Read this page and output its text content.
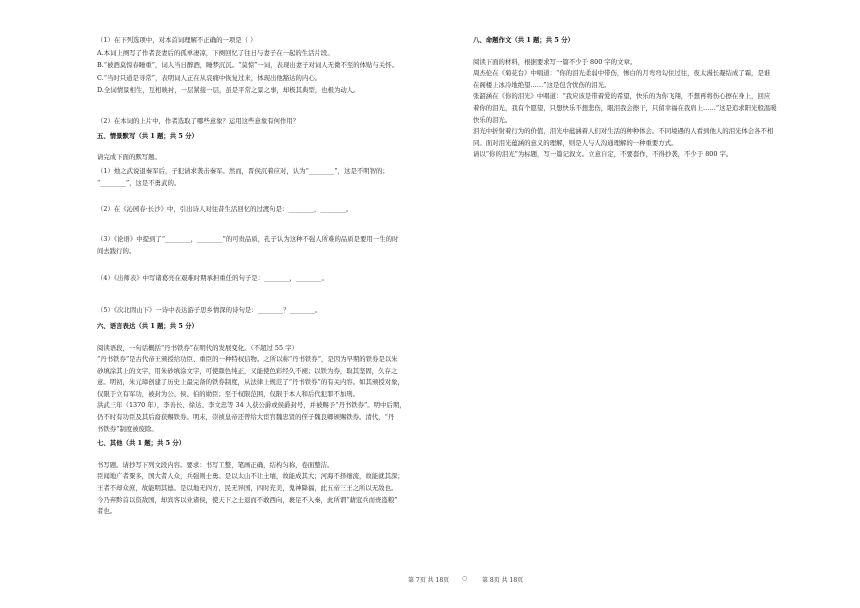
（1）在下列选项中，对本首词理解不正确的一项是（ ）

A.本词上阕写了作者丧妻后的孤单凄凉，下阕回忆了往日与妻子在一起的生活片段。

B.“被酒莫惊春睡重”，词人当日醉酒，睡梦沉沉。“莫惊”一词，表现出妻子对词人无微不至的体贴与关怀。

C.“当时只道是寻常”，表明词人正在从哀痛中恢复过来，体现出他豁达的内心。

D.全词情景相生，互相映衬，一层紧接一层，虽是平常之景之事，却极其典型，也极为动人。

（2）在本词的上片中，作者选取了哪些意象？运用这些意象有何作用？

五、情景默写（共 1 题；共 5 分）

请完成下面的默写题。

（1）烛之武说退秦军后，子犯请求袭击秦军。然而，晋侯沉着应对，认为“________”，这是不明智的；

“________”，这是不勇武的。

（2）在《沁园春·长沙》中，引出诗人对往昔生活回忆的过渡句是：________，________。

（3）《论语》中提到了“________，________”的可贵品质，孔子认为这种不强人所难的品质是要用一生的时

间去践行的。

（4）《出师表》中写诸葛亮在艰难时期承担重任的句子是：________，________。

（5）《次北固山下》一诗中表达游子思乡情深的诗句是：________？________。

六、语言表达（共 1 题；共 5 分）

阅读语段，一句话概括“丹书铁券”在明代的发展变化。（不超过 55 字）

“丹书铁券”是古代帝王颁授给功臣、重臣的一种特权信物。之所以称“丹书铁券”，是因为早期的铁券是以朱

砂填涂其上的文字，用朱砂填涂文字，可使颜色纯正，又能使色彩经久不褪；以铁为券，取其坚固，久存之

意。明初，朱元璋创建了历史上最完备的铁券制度，从法律上规范了“丹书铁券”的有关内容。如其颁授对象，

仅限于立有军功，被封为公、侯、伯的勋臣；至于权限范围，仅限于本人和后代犯罪不加刑。

洪武三年（1370 年），李善长、徐达、李文忠等 34 人获公爵或侯爵封号，并被赐予“丹书铁券”。明中后期，

仍不时有功臣及其后裔获赐铁券。明末，崇祯皇帝还曾给大宦官魏忠贤的侄子魏良卿颁赐铁券。清代，“丹

书铁券”制度被废除。

七、其他（共 1 题；共 5 分）

书写题。请抄写下列文段内容。要求：书写工整，笔画正确，结构匀称，卷面整洁。

臣闻地广者粟多，国大者人众，兵强则士勇。是以太山不让土壤，故能成其大；河海不择细流，故能就其深；

王者不却众庶，故能明其德。是以地无四方，民无异国，四时充美，鬼神降福，此五帝三王之所以无敌也。

今乃弃黔首以资敌国，却宾客以业诸侯，使天下之士退而不敢西向，裹足不入秦，此所谓“藉寇兵而赍盗粮”

者也。

八、命题作文（共 1 题；共 5 分）

阅读下面的材料，根据要求写一篇不少于 800 字的文章。

周杰伦在《菊花台》中唱道：“你的泪光柔弱中带伤，惨白的月弯弯勾住过往，夜太漫长凝结成了霜，是谁

在阁楼上冰冷地绝望……”这是包含忧伤的泪光。

张韶涵在《你的泪光》中唱道：“我应该是带着爱的希望，快乐的为你飞翔，不想再将伤心擦在身上，回应

着你的泪光，我有个愿望，只想快乐不想悲伤，眼泪我会擦干，只留幸福在我肩上……”这是追求阳光般温暖

快乐的泪光。

泪光中折射着行为的价值，泪光中蕴涵着人们对生活的种种体会。不同境遇的人看到他人的泪光体会各不相

同。面对泪光蕴涵的意义的理解，则是人与人沟通理解的一种重要方式。

请以“你的泪光”为标题，写一篇记叙文。立意自定，不要套作，不得抄袭，不少于 800 字。

第 7页 共 18页 ○ 第 8页 共 18页
